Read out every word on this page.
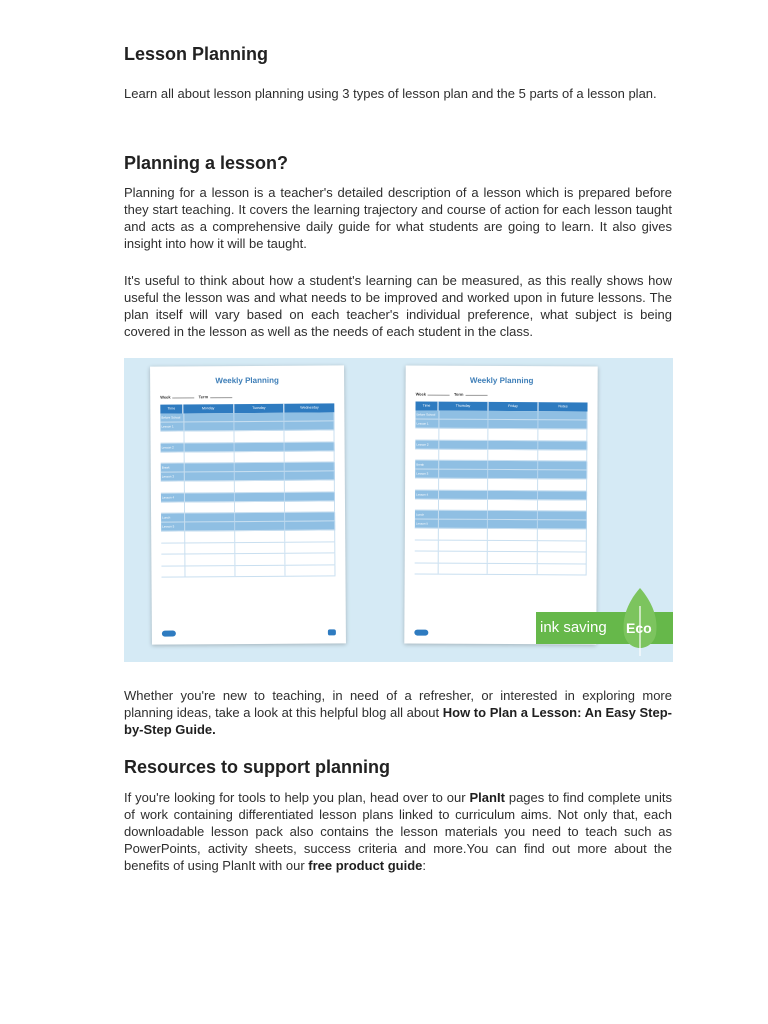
Lesson Planning

Learn all about lesson planning using 3 types of lesson plan and the 5 parts of a lesson plan.

Planning a lesson?

Planning for a lesson is a teacher's detailed description of a lesson which is prepared before they start teaching. It covers the learning trajectory and course of action for each lesson taught and acts as a comprehensive daily guide for what students are going to learn. It also gives insight into how it will be taught.

It's useful to think about how a student's learning can be measured, as this really shows how useful the lesson was and what needs to be improved and worked upon in future lessons. The plan itself will vary based on each teacher's individual preference, what subject is being covered in the lesson as well as the needs of each student in the class.

Weekly Planning
Week	Term
Time	Monday	Tuesday	Wednesday
Before School
Lesson 1
Lesson 2
Break
Lesson 3
Lesson 4
Lunch
Lesson 5
Weekly Planning
Week	Term
Time	Thursday	Friday	Notes
Before School
Lesson 1
Lesson 2
Break
Lesson 3
Lesson 4
Lunch
Lesson 5
ink saving Eco

Whether you're new to teaching, in need of a refresher, or interested in exploring more planning ideas, take a look at this helpful blog all about How to Plan a Lesson: An Easy Step-by-Step Guide.

Resources to support planning

If you're looking for tools to help you plan, head over to our PlanIt pages to find complete units of work containing differentiated lesson plans linked to curriculum aims. Not only that, each downloadable lesson pack also contains the lesson materials you need to teach such as PowerPoints, activity sheets, success criteria and more.You can find out more about the benefits of using PlanIt with our free product guide:
